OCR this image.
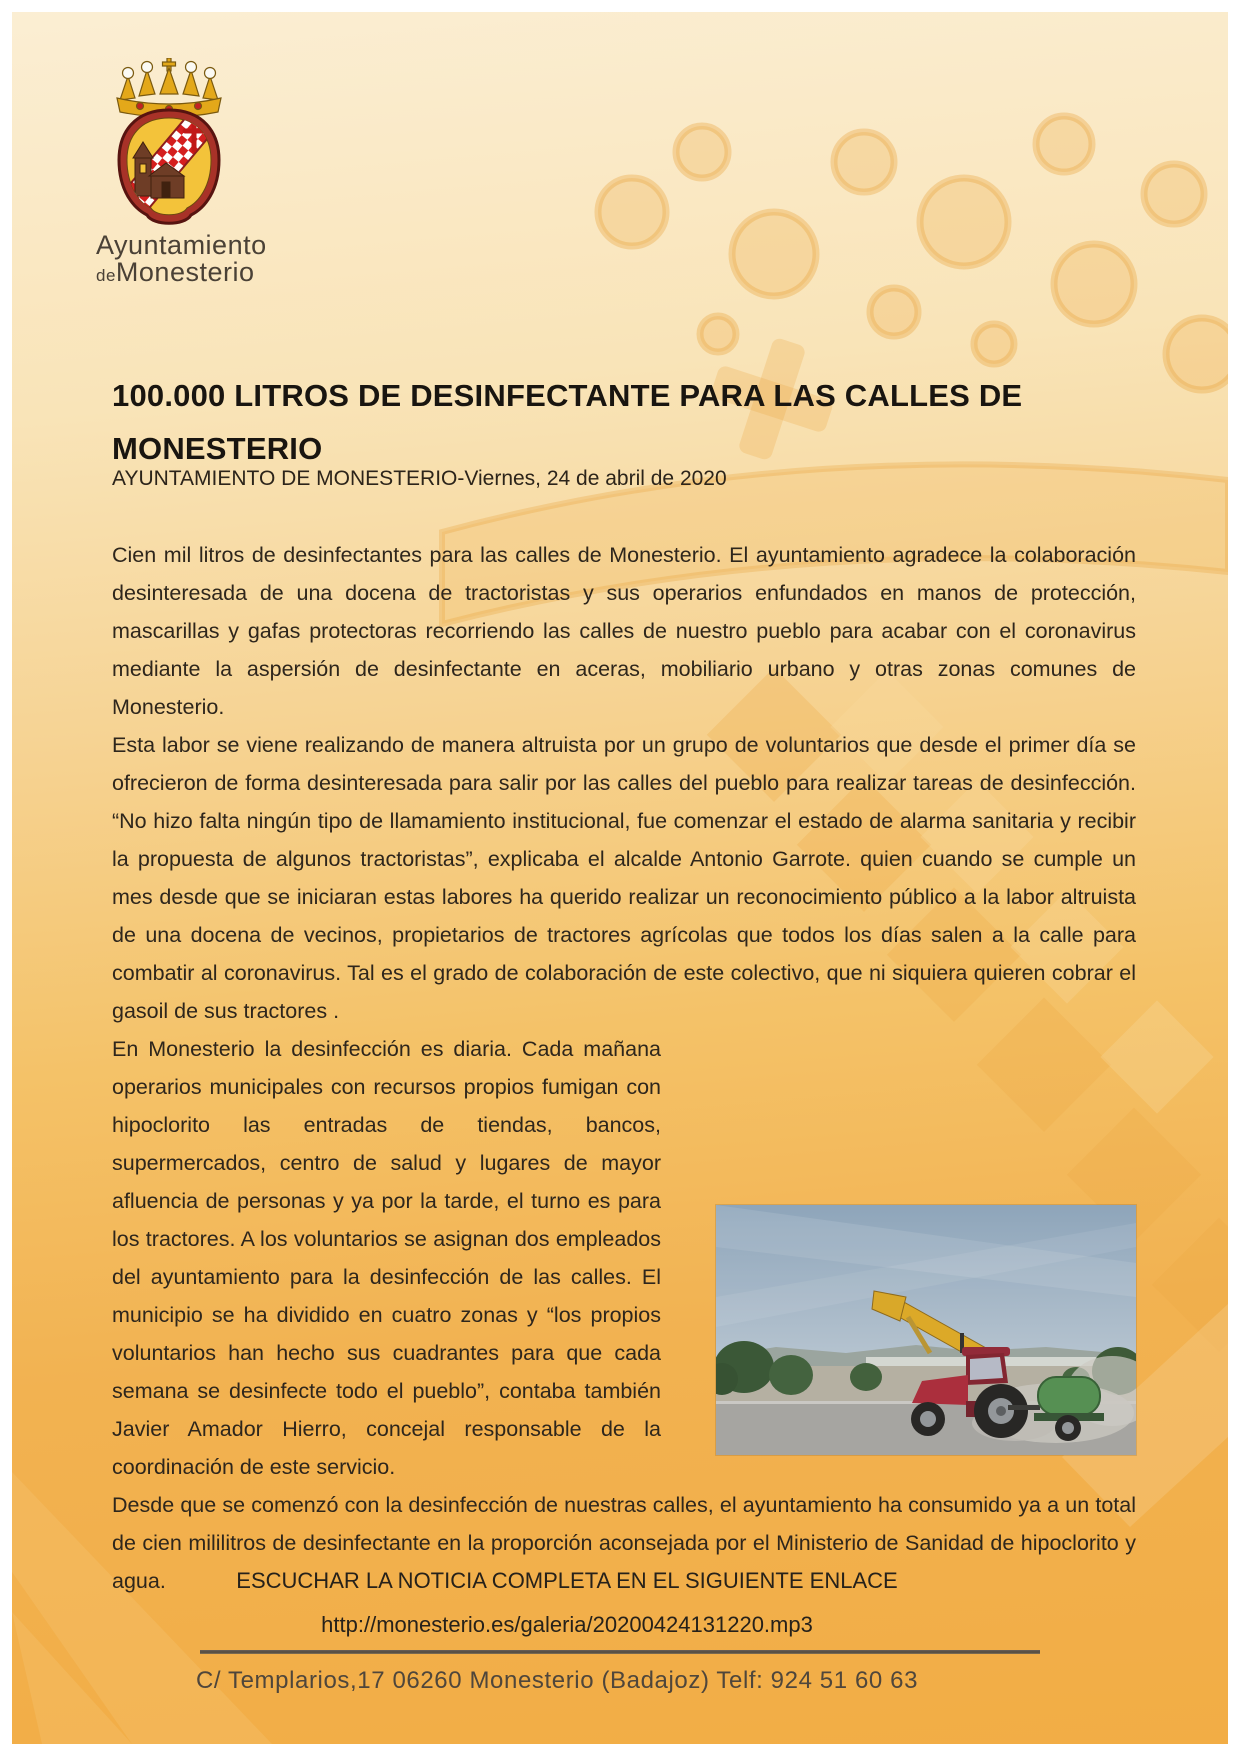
Ayuntamiento
deMonesterio
100.000 LITROS DE DESINFECTANTE PARA LAS CALLES DE MONESTERIO
AYUNTAMIENTO DE MONESTERIO-Viernes, 24 de abril de 2020

Cien mil litros de desinfectantes para las calles de Monesterio. El ayuntamiento agradece la colaboración desinteresada de una docena de tractoristas y sus operarios enfundados en manos de protección, mascarillas y gafas protectoras recorriendo las calles de nuestro pueblo para acabar con el coronavirus mediante la aspersión de desinfectante en aceras, mobiliario urbano y otras zonas comunes de Monesterio.

Esta labor se viene realizando de manera altruista por un grupo de voluntarios que desde el primer día se ofrecieron de forma desinteresada para salir por las calles del pueblo para realizar tareas de desinfección. “No hizo falta ningún tipo de llamamiento institucional, fue comenzar el estado de alarma sanitaria y recibir la propuesta de algunos tractoristas”, explicaba el alcalde Antonio Garrote. quien cuando se cumple un mes desde que se iniciaran estas labores ha querido realizar un reconocimiento público a la labor altruista de una docena de vecinos, propietarios de tractores agrícolas que todos los días salen a la calle para combatir al coronavirus. Tal es el grado de colaboración de este colectivo, que ni siquiera quieren cobrar el gasoil de sus tractores .

En Monesterio la desinfección es diaria. Cada mañana operarios municipales con recursos propios fumigan con hipoclorito las entradas de tiendas, bancos, supermercados, centro de salud y lugares de mayor afluencia de personas y ya por la tarde, el turno es para los tractores. A los voluntarios se asignan dos empleados del ayuntamiento para la desinfección de las calles. El municipio se ha dividido en cuatro zonas y “los propios voluntarios han hecho sus cuadrantes para que cada semana se desinfecte todo el pueblo”, contaba también Javier Amador Hierro, concejal responsable de la coordinación de este servicio.

Desde que se comenzó con la desinfección de nuestras calles, el ayuntamiento ha consumido ya a un total de cien mililitros de desinfectante en la proporción aconsejada por el Ministerio de Sanidad de hipoclorito y agua.	ESCUCHAR LA NOTICIA COMPLETA EN EL SIGUIENTE ENLACE
http://monesterio.es/galeria/20200424131220.mp3
C/ Templarios,17 06260 Monesterio (Badajoz) Telf: 924 51 60 63
